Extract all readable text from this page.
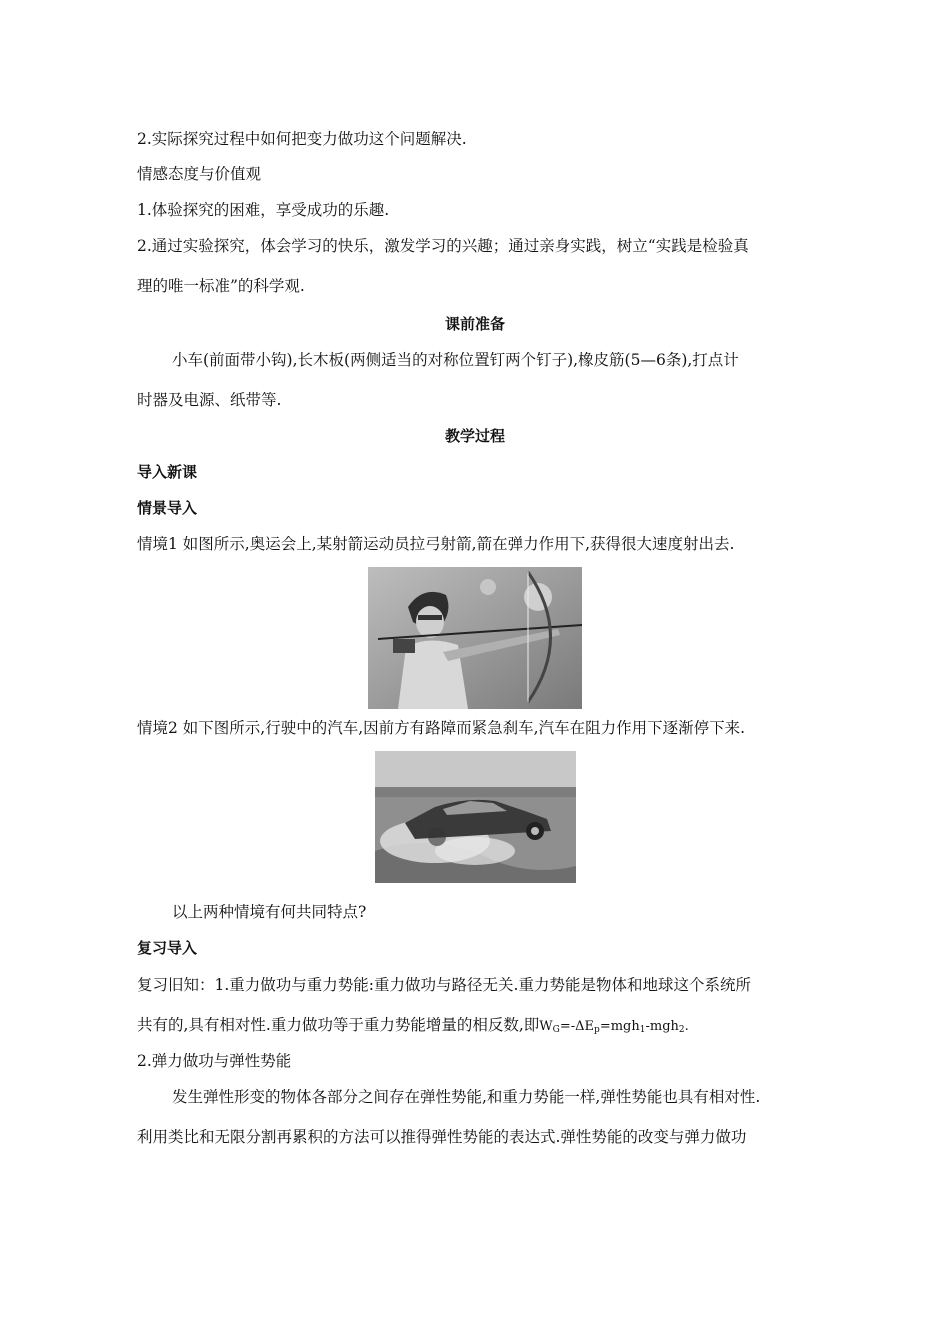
2.实际探究过程中如何把变力做功这个问题解决.
情感态度与价值观
1.体验探究的困难，享受成功的乐趣.
2.通过实验探究，体会学习的快乐，激发学习的兴趣；通过亲身实践，树立“实践是检验真
理的唯一标准”的科学观.
课前准备
小车(前面带小钩),长木板(两侧适当的对称位置钉两个钉子),橡皮筋(5—6条),打点计
时器及电源、纸带等.
教学过程
导入新课
情景导入
情境1 如图所示,奥运会上,某射箭运动员拉弓射箭,箭在弹力作用下,获得很大速度射出去.
情境2 如下图所示,行驶中的汽车,因前方有路障而紧急刹车,汽车在阻力作用下逐渐停下来.
以上两种情境有何共同特点?
复习导入
复习旧知：1.重力做功与重力势能:重力做功与路径无关.重力势能是物体和地球这个系统所
共有的,具有相对性.重力做功等于重力势能增量的相反数,即$W_G=-\Delta E_p=mgh_1-mgh_2$.
2.弹力做功与弹性势能
发生弹性形变的物体各部分之间存在弹性势能,和重力势能一样,弹性势能也具有相对性.
利用类比和无限分割再累积的方法可以推得弹性势能的表达式.弹性势能的改变与弹力做功
